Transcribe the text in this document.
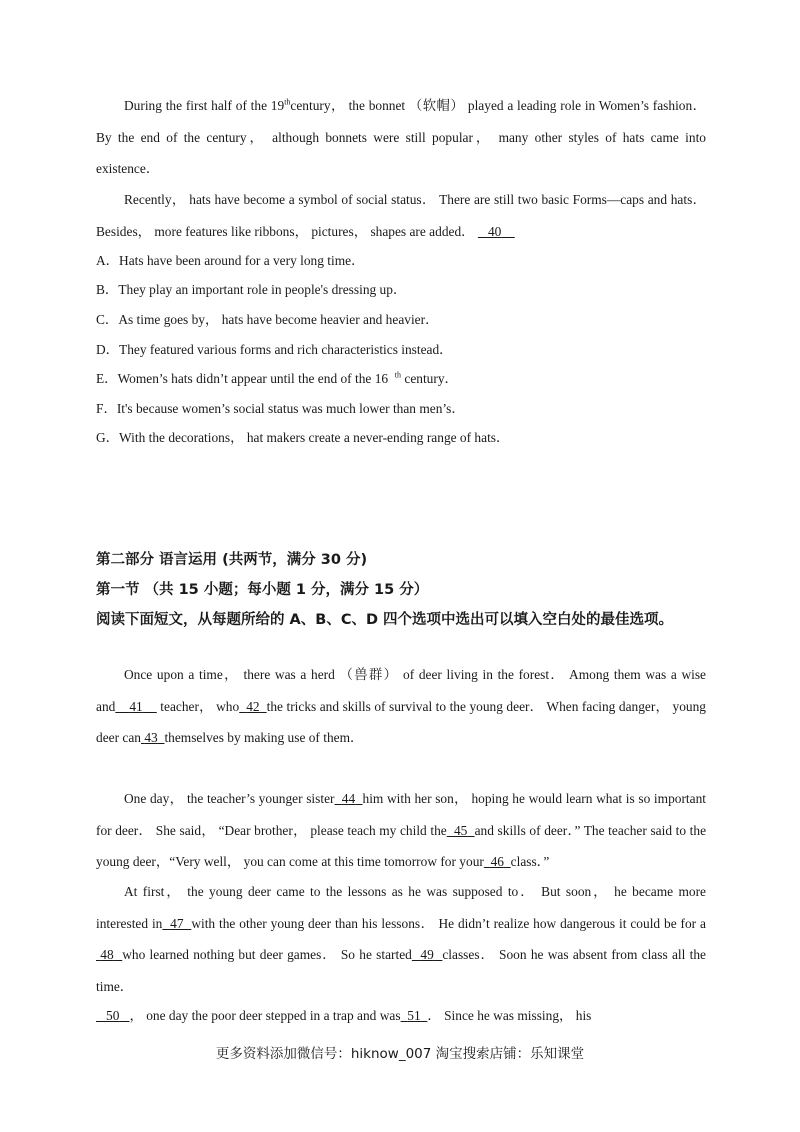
During the first half of the 19thcentury， the bonnet （软帽） played a leading role in Women’s fashion． By the end of the century， although bonnets were still popular， many other styles of hats came into existence．

Recently， hats have become a symbol of social status． There are still two basic Forms—caps and hats． Besides， more features like ribbons， pictures， shapes are added． 40

A．Hats have been around for a very long time．

B．They play an important role in people's dressing up．

C．As time goes by， hats have become heavier and heavier．

D．They featured various forms and rich characteristics instead．

E．Women’s hats didn’t appear until the end of the 16 $^{th}$ century．

F．It's because women’s social status was much lower than men’s．

G．With the decorations， hat makers create a never-ending range of hats．

第二部分 语言运用 (共两节，满分 30 分)

第一节 （共 15 小题；每小题 1 分，满分 15 分）

阅读下面短文，从每题所给的 A、B、C、D 四个选项中选出可以填入空白处的最佳选项。

Once upon a time， there was a herd （兽群） of deer living in the forest． Among them was a wise and 41 teacher， who 42 the tricks and skills of survival to the young deer． When facing danger， young deer can 43 themselves by making use of them．

One day， the teacher’s younger sister 44 him with her son， hoping he would learn what is so important for deer． She said， “Dear brother， please teach my child the 45 and skills of deer．” The teacher said to the young deer，“Very well， you can come at this time tomorrow for your 46 class．”

At first， the young deer came to the lessons as he was supposed to． But soon， he became more interested in 47 with the other young deer than his lessons． He didn’t realize how dangerous it could be for a  48 who learned nothing but deer games． So he started 49 classes． Soon he was absent from class all the time．

50 ， one day the poor deer stepped in a trap and was 51 ． Since he was missing， his

更多资料添加微信号：hiknow_007 淘宝搜索店铺：乐知课堂
